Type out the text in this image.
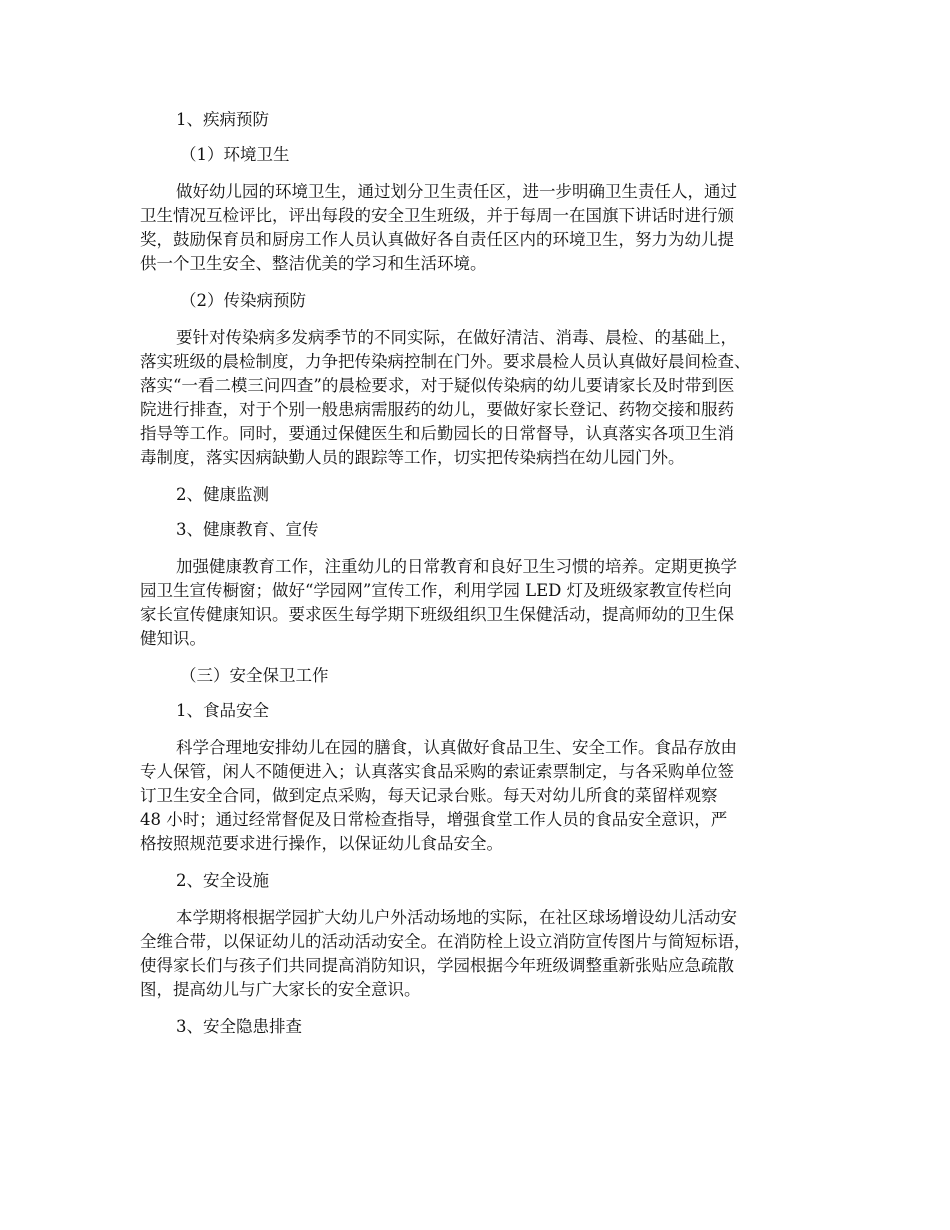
1、疾病预防

（1）环境卫生

做好幼儿园的环境卫生，通过划分卫生责任区，进一步明确卫生责任人，通过
卫生情况互检评比，评出每段的安全卫生班级，并于每周一在国旗下讲话时进行颁
奖，鼓励保育员和厨房工作人员认真做好各自责任区内的环境卫生，努力为幼儿提
供一个卫生安全、整洁优美的学习和生活环境。

（2）传染病预防

要针对传染病多发病季节的不同实际，在做好清洁、消毒、晨检、的基础上，
落实班级的晨检制度，力争把传染病控制在门外。要求晨检人员认真做好晨间检查、
落实“一看二模三问四查”的晨检要求，对于疑似传染病的幼儿要请家长及时带到医
院进行排查，对于个别一般患病需服药的幼儿，要做好家长登记、药物交接和服药
指导等工作。同时，要通过保健医生和后勤园长的日常督导，认真落实各项卫生消
毒制度，落实因病缺勤人员的跟踪等工作，切实把传染病挡在幼儿园门外。

2、健康监测

3、健康教育、宣传

加强健康教育工作，注重幼儿的日常教育和良好卫生习惯的培养。定期更换学
园卫生宣传橱窗；做好“学园网”宣传工作，利用学园 LED 灯及班级家教宣传栏向
家长宣传健康知识。要求医生每学期下班级组织卫生保健活动，提高师幼的卫生保
健知识。

（三）安全保卫工作

1、食品安全

科学合理地安排幼儿在园的膳食，认真做好食品卫生、安全工作。食品存放由
专人保管，闲人不随便进入；认真落实食品采购的索证索票制定，与各采购单位签
订卫生安全合同，做到定点采购，每天记录台账。每天对幼儿所食的菜留样观察
48 小时；通过经常督促及日常检查指导，增强食堂工作人员的食品安全意识，严
格按照规范要求进行操作，以保证幼儿食品安全。

2、安全设施

本学期将根据学园扩大幼儿户外活动场地的实际，在社区球场增设幼儿活动安
全维合带，以保证幼儿的活动活动安全。在消防栓上设立消防宣传图片与简短标语，
使得家长们与孩子们共同提高消防知识，学园根据今年班级调整重新张贴应急疏散
图，提高幼儿与广大家长的安全意识。

3、安全隐患排查
